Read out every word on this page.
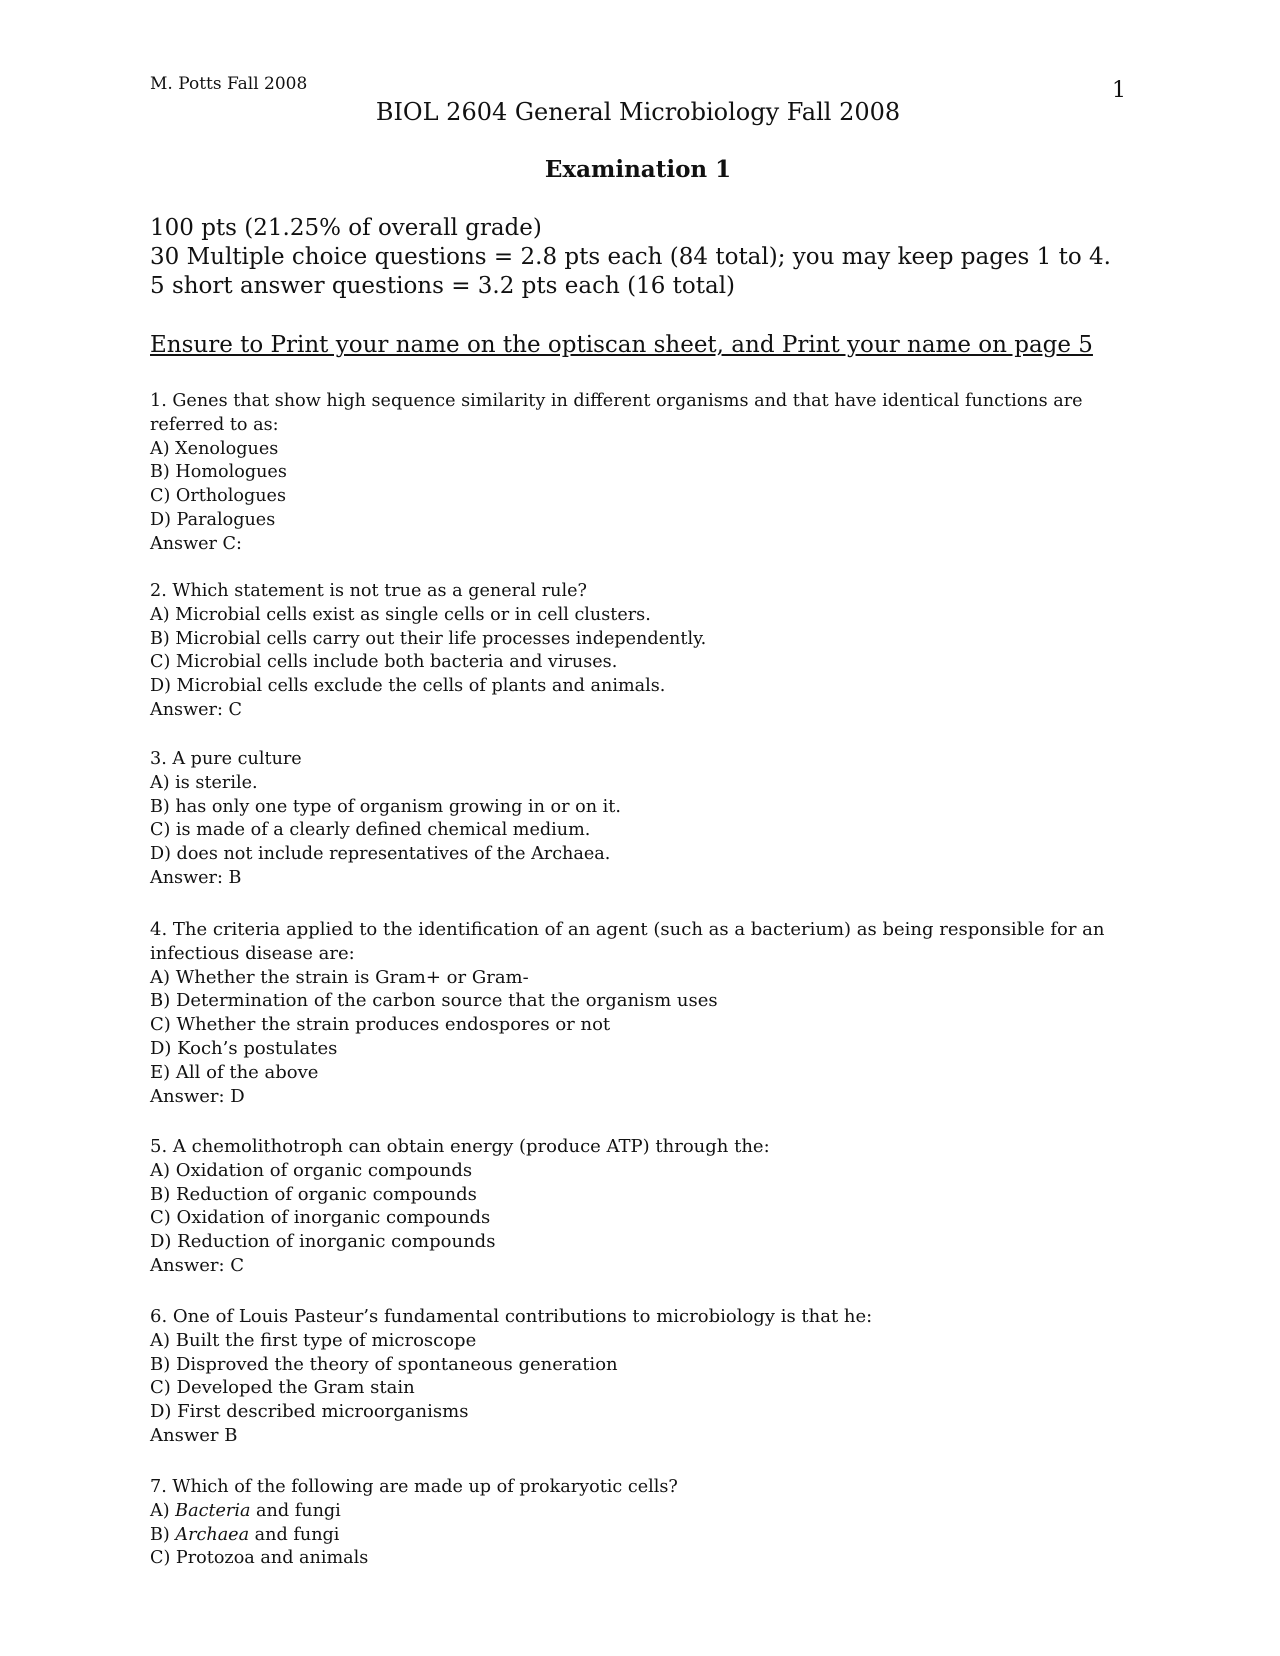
M. Potts Fall 2008	1
BIOL 2604 General Microbiology Fall 2008
Examination 1
100 pts (21.25% of overall grade)
30 Multiple choice questions = 2.8 pts each (84 total); you may keep pages 1 to 4.
5 short answer questions = 3.2 pts each (16 total)
Ensure to Print your name on the optiscan sheet, and Print your name on page 5
1. Genes that show high sequence similarity in different organisms and that have identical functions are referred to as:
A) Xenologues
B) Homologues
C) Orthologues
D) Paralogues
Answer C:
2. Which statement is not true as a general rule?
A) Microbial cells exist as single cells or in cell clusters.
B) Microbial cells carry out their life processes independently.
C) Microbial cells include both bacteria and viruses.
D) Microbial cells exclude the cells of plants and animals.
Answer: C
3. A pure culture
A) is sterile.
B) has only one type of organism growing in or on it.
C) is made of a clearly defined chemical medium.
D) does not include representatives of the Archaea.
Answer: B
4. The criteria applied to the identification of an agent (such as a bacterium) as being responsible for an infectious disease are:
A) Whether the strain is Gram+ or Gram-
B) Determination of the carbon source that the organism uses
C) Whether the strain produces endospores or not
D) Koch’s postulates
E) All of the above
Answer: D
5. A chemolithotroph can obtain energy (produce ATP) through the:
A) Oxidation of organic compounds
B) Reduction of organic compounds
C) Oxidation of inorganic compounds
D) Reduction of inorganic compounds
Answer: C
6. One of Louis Pasteur’s fundamental contributions to microbiology is that he:
A) Built the first type of microscope
B) Disproved the theory of spontaneous generation
C) Developed the Gram stain
D) First described microorganisms
Answer B
7. Which of the following are made up of prokaryotic cells?
A) Bacteria and fungi
B) Archaea and fungi
C) Protozoa and animals
